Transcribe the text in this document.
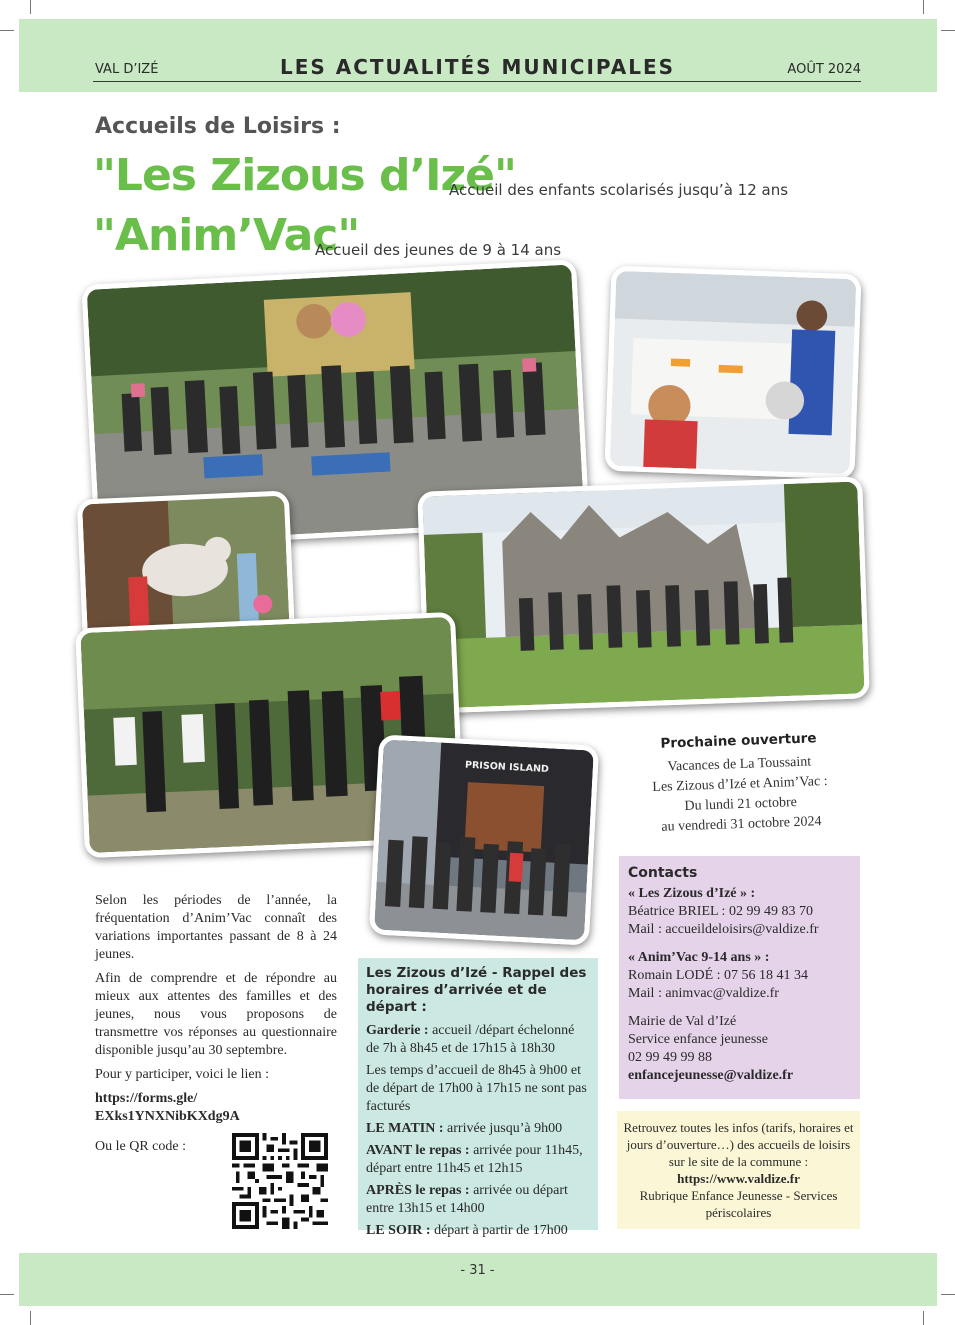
VAL D’IZÉ	LES ACTUALITÉS MUNICIPALES	AOÛT 2024
Accueils de Loisirs :
"Les Zizous d’Izé"
Accueil des enfants scolarisés jusqu’à 12 ans
"Anim’Vac"
Accueil des jeunes de 9 à 14 ans
PRISON ISLAND
Prochaine ouverture
Vacances de La Toussaint
Les Zizous d’Izé et Anim’Vac :
Du lundi 21 octobre
au vendredi 31 octobre 2024

Selon les périodes de l’année, la fréquentation d’Anim’Vac connaît des variations importantes passant de 8 à 24 jeunes.

Afin de comprendre et de répondre au mieux aux attentes des familles et des jeunes, nous vous proposons de transmettre vos réponses au questionnaire disponible jusqu’au 30 septembre.

Pour y participer, voici le lien :

https://forms.gle/
EXks1YNXNibKXdg9A
Ou le QR code :
Les Zizous d’Izé - Rappel des horaires d’arrivée et de départ :

Garderie : accueil /départ échelonné de 7h à 8h45 et de 17h15 à 18h30

Les temps d’accueil de 8h45 à 9h00 et de départ de 17h00 à 17h15 ne sont pas facturés

LE MATIN : arrivée jusqu’à 9h00

AVANT le repas : arrivée pour 11h45, départ entre 11h45 et 12h15

APRÈS le repas : arrivée ou départ entre 13h15 et 14h00

LE SOIR : départ à partir de 17h00

Contacts

« Les Zizous d’Izé » :

Béatrice BRIEL : 02 99 49 83 70

Mail : accueildeloisirs@valdize.fr

« Anim’Vac 9-14 ans » :

Romain LODÉ : 07 56 18 41 34

Mail : animvac@valdize.fr

Mairie de Val d’Izé

Service enfance jeunesse

02 99 49 99 88

enfancejeunesse@valdize.fr

Retrouvez toutes les infos (tarifs, horaires et jours d’ouverture…) des accueils de loisirs sur le site de la commune : https://www.valdize.fr
Rubrique Enfance Jeunesse - Services périscolaires
- 31 -
